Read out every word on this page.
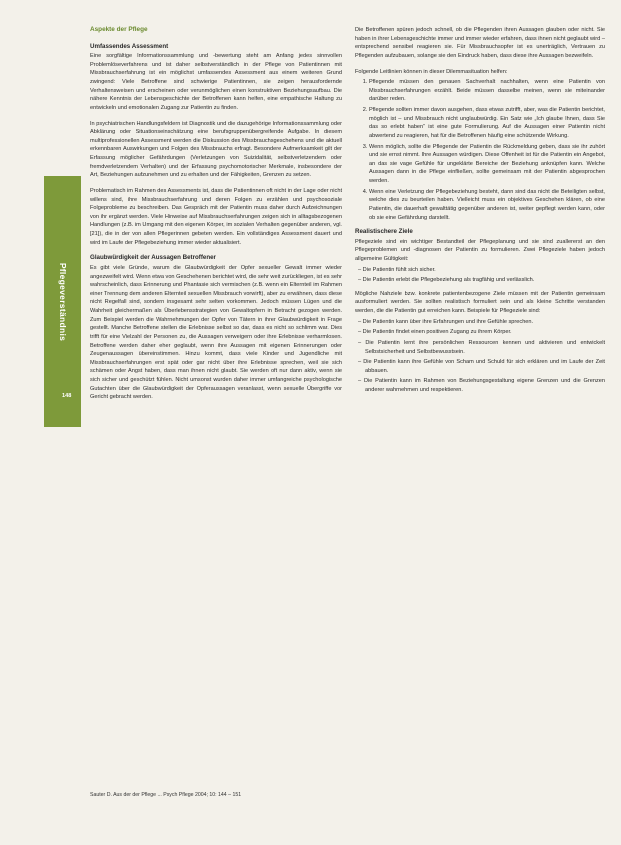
Pflegeverständnis
148
Aspekte der Pflege
Umfassendes Assessment

Eine sorgfältige Informationssammlung und -bewertung steht am Anfang jedes sinnvollen Problemlöseverfahrens und ist daher selbstverständlich in der Pflege von Patientinnen mit Missbrauchserfahrung ist ein möglichst umfassendes Assessment aus einem weiteren Grund zwingend: Viele Betroffene sind schwierige Patientinnen, sie zeigen herausfordernde Verhaltensweisen und erscheinen oder verunmöglichen einen konstruktiven Beziehungsaufbau. Die nähere Kenntnis der Lebensgeschichte der Betroffenen kann helfen, eine empathische Haltung zu entwickeln und emotionalen Zugang zur Patientin zu finden.

In psychiatrischen Handlungsfeldern ist Diagnostik und die dazugehörige Informationssammlung oder Abklärung oder Situationseinschätzung eine berufsgruppenübergreifende Aufgabe. In diesem multiprofessionellen Assessment werden die Diskussion des Missbrauchsgeschehens und die aktuell erkennbaren Auswirkungen und Folgen des Missbrauchs erfragt. Besondere Aufmerksamkeit gilt der Erfassung möglicher Gefährdungen (Verletzungen von Suizidalität, selbstverletzendem oder fremdverletzendem Verhalten) und der Erfassung psychomotorischer Merkmale, insbesondere der Art, Beziehungen aufzunehmen und zu erhalten und der Fähigkeiten, Grenzen zu setzen.

Problematisch im Rahmen des Assessments ist, dass die Patientinnen oft nicht in der Lage oder nicht willens sind, ihre Missbrauchserfahrung und deren Folgen zu erzählen und psychosoziale Folgeprobleme zu beschreiben. Das Gespräch mit der Patientin muss daher durch Aufzeichnungen von ihr ergänzt werden. Viele Hinweise auf Missbrauchserfahrungen zeigen sich in alltagsbezogenen Handlungen (z.B. im Umgang mit den eigenen Körper, im sozialen Verhalten gegenüber anderen, vgl. [21]), die in der von allen Pflegerinnen gebeten werden. Ein vollständiges Assessment dauert und wird im Laufe der Pflegebeziehung immer wieder aktualisiert.

Glaubwürdigkeit der Aussagen Betroffener

Es gibt viele Gründe, warum die Glaubwürdigkeit der Opfer sexueller Gewalt immer wieder angezweifelt wird. Wenn etwa von Geschehenen berichtet wird, die sehr weit zurückliegen, ist es sehr wahrscheinlich, dass Erinnerung und Phantasie sich vermischen (z.B. wenn ein Elternteil im Rahmen einer Trennung dem anderen Elternteil sexuellen Missbrauch vorwirft), aber zu erwähnen, dass diese nicht Regelfall sind, sondern insgesamt sehr selten vorkommen. Jedoch müssen Lügen und die Wahrheit gleichermaßen als Überlebensstrategien von Gewaltopfern in Betracht gezogen werden. Zum Beispiel werden die Wahrnehmungen der Opfer von Tätern in ihrer Glaubwürdigkeit in Frage gestellt. Manche Betroffene stellen die Erlebnisse selbst so dar, dass es nicht so schlimm war. Dies trifft für eine Vielzahl der Personen zu, die Aussagen verweigern oder ihre Erlebnisse verharmlosen. Betroffene werden daher eher geglaubt, wenn ihre Aussagen mit eigenen Erinnerungen oder Zeugenaussagen übereinstimmen. Hinzu kommt, dass viele Kinder und Jugendliche mit Missbrauchserfahrungen erst spät oder gar nicht über ihre Erlebnisse sprechen, weil sie sich schämen oder Angst haben, dass man ihnen nicht glaubt. Sie werden oft nur dann aktiv, wenn sie sich sicher und geschützt fühlen. Nicht umsonst wurden daher immer umfangreiche psychologische Gutachten über die Glaubwürdigkeit der Opferaussagen veranlasst, wenn sexuelle Übergriffe vor Gericht gebracht werden.

Die Betroffenen spüren jedoch schnell, ob die Pflegenden ihren Aussagen glauben oder nicht. Sie haben in ihrer Lebensgeschichte immer und immer wieder erfahren, dass ihnen nicht geglaubt wird – entsprechend sensibel reagieren sie. Für Missbrauchsopfer ist es unerträglich, Vertrauen zu Pflegenden aufzubauen, solange sie den Eindruck haben, dass diese ihre Aussagen bezweifeln.

Folgende Leitlinien können in dieser Dilemmasituation helfen:

1. Pflegende müssen den genauen Sachverhalt nachhalten, wenn eine Patientin von Missbrauchserfahrungen erzählt. Beide müssen dasselbe meinen, wenn sie miteinander darüber reden.
2. Pflegende sollten immer davon ausgehen, dass etwas zutrifft, aber, was die Patientin berichtet, möglich ist – und Missbrauch nicht unglaubwürdig. Ein Satz wie „Ich glaube Ihnen, dass Sie das so erlebt haben“ ist eine gute Formulierung. Auf die Aussagen einer Patientin nicht abwertend zu reagieren, hat für die Betroffenen häufig eine schützende Wirkung.
3. Wenn möglich, sollte die Pflegende der Patientin die Rückmeldung geben, dass sie ihr zuhört und sie ernst nimmt. Ihre Aussagen würdigen. Diese Offenheit ist für die Patientin ein Angebot, an das sie vage Gefühle für ungeklärte Bereiche der Beziehung anknüpfen kann. Welche Aussagen dann in die Pflege einfließen, sollte gemeinsam mit der Patientin abgesprochen werden.
4. Wenn eine Verletzung der Pflegebeziehung besteht, dann sind das nicht die Beteiligten selbst, welche dies zu beurteilen haben. Vielleicht muss ein objektives Geschehen klären, ob eine Patientin, die dauerhaft gewalttätig gegenüber anderen ist, weiter gepflegt werden kann, oder ob sie eine Gefährdung darstellt.
Realistischere Ziele

Pflegeziele sind ein wichtiger Bestandteil der Pflegeplanung und sie sind zuallererst an den Pflegeproblemen und -diagnosen der Patientin zu formulieren. Zwei Pflegeziele haben jedoch allgemeine Gültigkeit:

– Die Patientin fühlt sich sicher.
– Die Patientin erlebt die Pflegebeziehung als tragfähig und verlässlich.

Mögliche Nahziele bzw. konkrete patientenbezogene Ziele müssen mit der Patientin gemeinsam ausformuliert werden. Sie sollten realistisch formuliert sein und als kleine Schritte verstanden werden, die die Patientin gut erreichen kann. Beispiele für Pflegeziele sind:

– Die Patientin kann über ihre Erfahrungen und ihre Gefühle sprechen.
– Die Patientin findet einen positiven Zugang zu ihrem Körper.
– Die Patientin lernt ihre persönlichen Ressourcen kennen und aktivieren und entwickelt Selbstsicherheit und Selbstbewusstsein.
– Die Patientin kann ihre Gefühle von Scham und Schuld für sich erklären und im Laufe der Zeit abbauen.
– Die Patientin kann im Rahmen von Beziehungsgestaltung eigene Grenzen und die Grenzen anderer wahrnehmen und respektieren.
Sauter D. Aus der der Pflege ... Psych Pflege 2004; 10: 144 – 151
